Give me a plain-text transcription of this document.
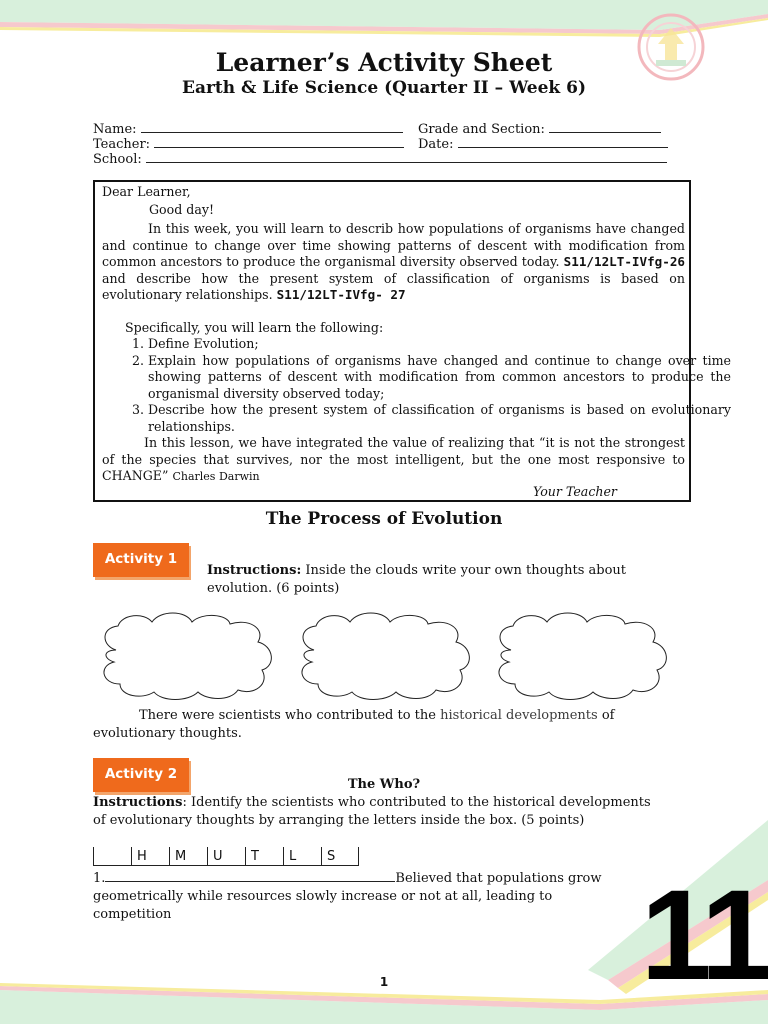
Learner’s Activity Sheet
Earth & Life Science (Quarter II – Week 6)
Name:	Grade and Section:
Teacher:	Date:
School:
Dear Learner,
Good day!
In this week, you will learn to describ how populations of organisms have changed and continue to change over time showing patterns of descent with modification from common ancestors to produce the organismal diversity observed today. S11/12LT-IVfg-26 and describe how the present system of classification of organisms is based on evolutionary relationships. S11/12LT-IVfg- 27
Specifically, you will learn the following:
1. Define Evolution;
2. Explain how populations of organisms have changed and continue to change over time showing patterns of descent with modification from common ancestors to produce the organismal diversity observed today;
3. Describe how the present system of classification of organisms is based on evolutionary relationships.
In this lesson, we have integrated the value of realizing that “it is not the strongest of the species that survives, nor the most intelligent, but the one most responsive to CHANGE” Charles Darwin
Your Teacher
The Process of Evolution
Activity 1
Instructions: Inside the clouds write your own thoughts about evolution. (6 points)
There were scientists who contributed to the historical developments of evolutionary thoughts.
Activity 2
The Who?
Instructions: Identify the scientists who contributed to the historical developments of evolutionary thoughts by arranging the letters inside the box. (5 points)
H	M	U	T	L	S
1.	Believed that populations grow geometrically while resources slowly increase or not at all, leading to competition
1	11
